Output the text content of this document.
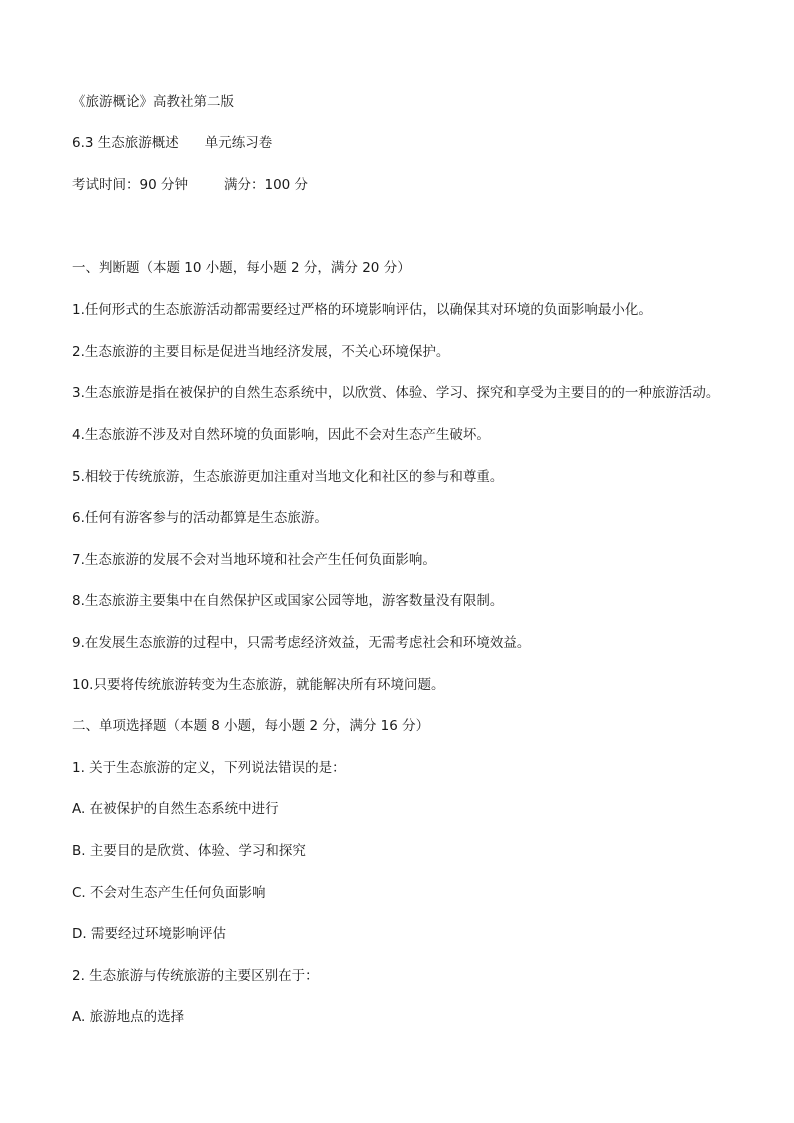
《旅游概论》高教社第二版
6.3 生态旅游概述 单元练习卷
考试时间：90 分钟	满分：100 分
一、判断题（本题 10 小题，每小题 2 分，满分 20 分）
1.任何形式的生态旅游活动都需要经过严格的环境影响评估，以确保其对环境的负面影响最小化。
2.生态旅游的主要目标是促进当地经济发展，不关心环境保护。
3.生态旅游是指在被保护的自然生态系统中，以欣赏、体验、学习、探究和享受为主要目的的一种旅游活动。
4.生态旅游不涉及对自然环境的负面影响，因此不会对生态产生破坏。
5.相较于传统旅游，生态旅游更加注重对当地文化和社区的参与和尊重。
6.任何有游客参与的活动都算是生态旅游。
7.生态旅游的发展不会对当地环境和社会产生任何负面影响。
8.生态旅游主要集中在自然保护区或国家公园等地，游客数量没有限制。
9.在发展生态旅游的过程中，只需考虑经济效益，无需考虑社会和环境效益。
10.只要将传统旅游转变为生态旅游，就能解决所有环境问题。
二、单项选择题（本题 8 小题，每小题 2 分，满分 16 分）
1. 关于生态旅游的定义，下列说法错误的是：
A. 在被保护的自然生态系统中进行
B. 主要目的是欣赏、体验、学习和探究
C. 不会对生态产生任何负面影响
D. 需要经过环境影响评估
2. 生态旅游与传统旅游的主要区别在于：
A. 旅游地点的选择
